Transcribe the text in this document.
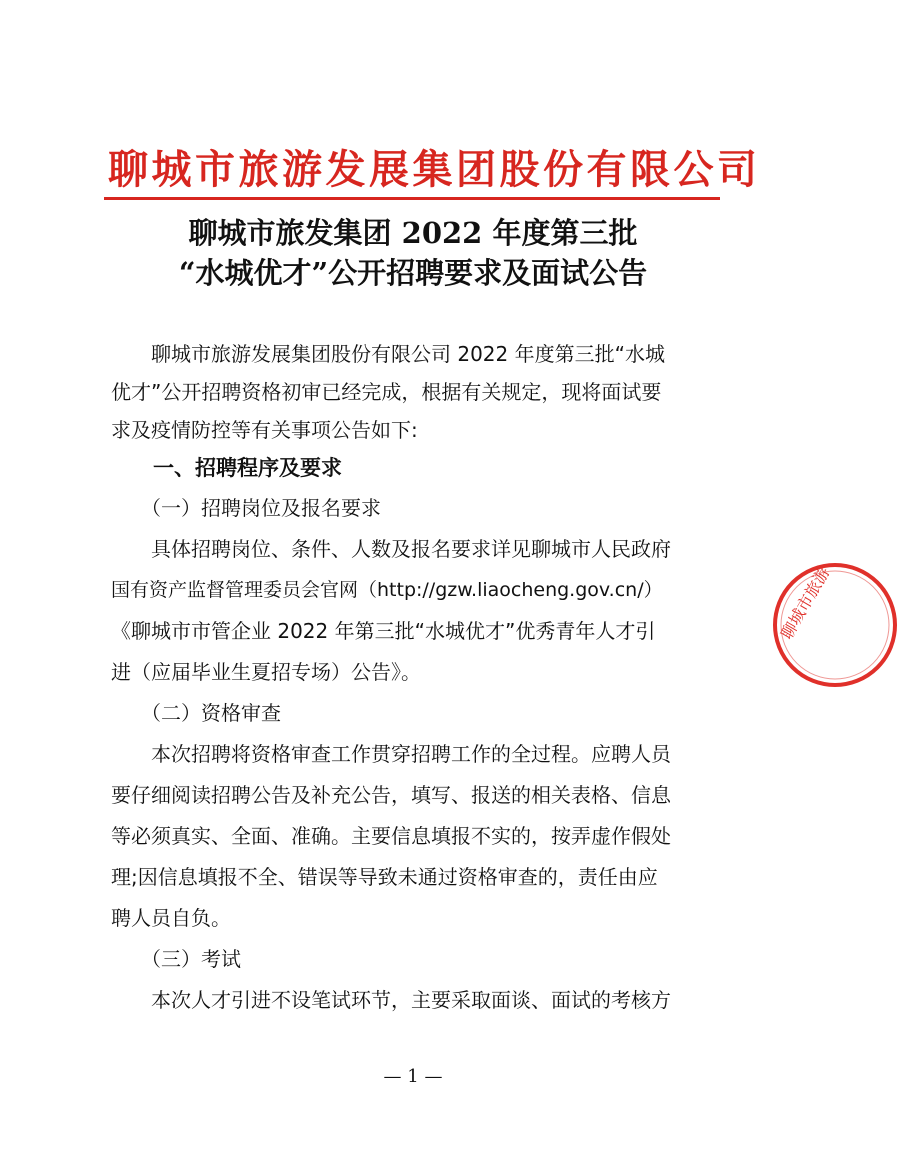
聊城市旅游发展集团股份有限公司
聊城市旅发集团 2022 年度第三批
“水城优才”公开招聘要求及面试公告
　　聊城市旅游发展集团股份有限公司 2022 年度第三批“水城
优才”公开招聘资格初审已经完成，根据有关规定，现将面试要
求及疫情防控等有关事项公告如下:
　　一、招聘程序及要求
　　（一）招聘岗位及报名要求
　　具体招聘岗位、条件、人数及报名要求详见聊城市人民政府
国有资产监督管理委员会官网（http://gzw.liaocheng.gov.cn/）
《聊城市市管企业 2022 年第三批“水城优才”优秀青年人才引
进（应届毕业生夏招专场）公告》。
　　（二）资格审查
　　本次招聘将资格审查工作贯穿招聘工作的全过程。应聘人员
要仔细阅读招聘公告及补充公告，填写、报送的相关表格、信息
等必须真实、全面、准确。主要信息填报不实的，按弄虚作假处
理;因信息填报不全、错误等导致未通过资格审查的，责任由应
聘人员自负。
　　（三）考试
　　本次人才引进不设笔试环节，主要采取面谈、面试的考核方
聊城市旅游
— 1 —
